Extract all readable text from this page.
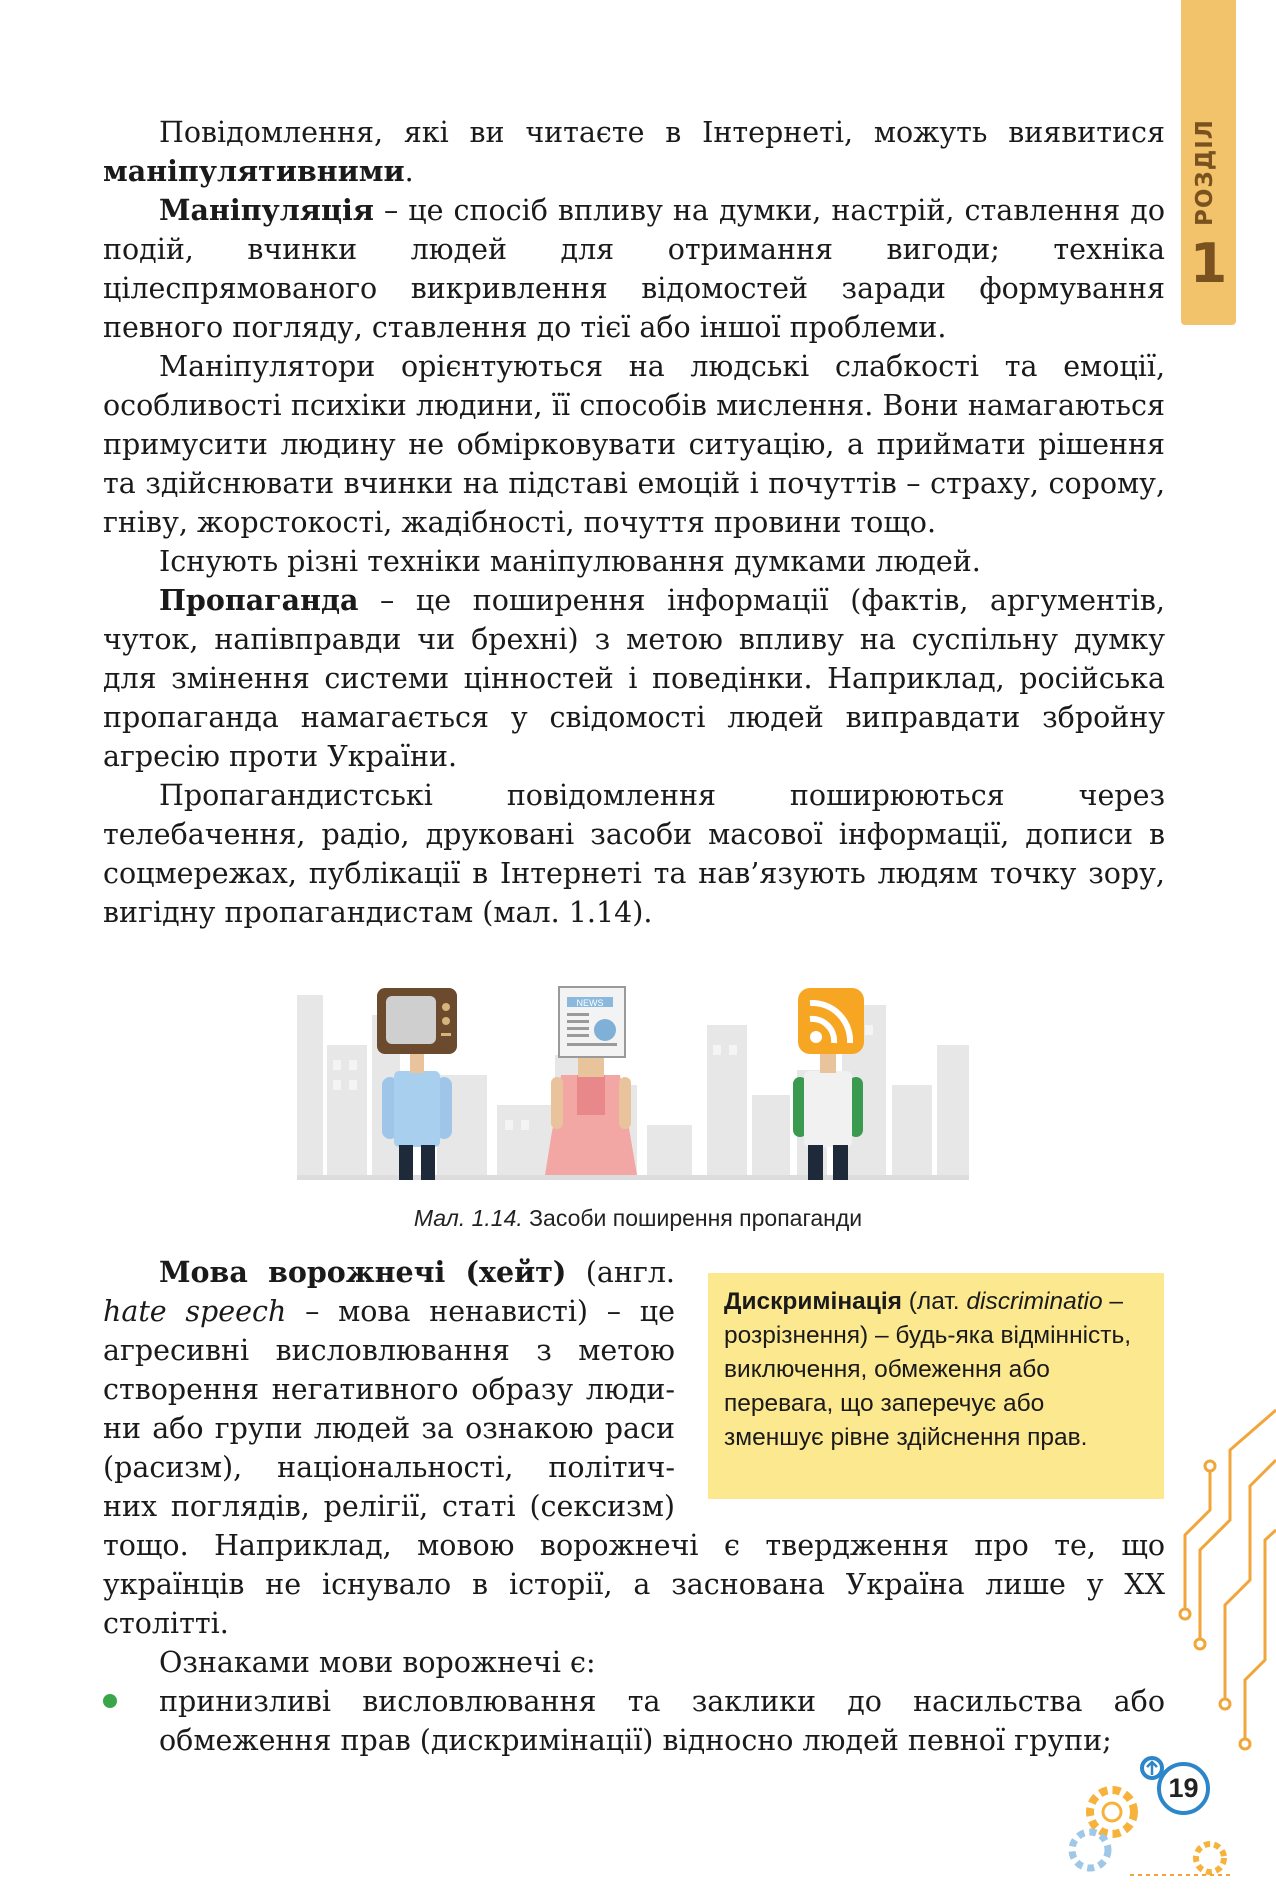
РОЗДІЛ
1

Повідомлення, які ви читаєте в Інтернеті, можуть виявитися маніпулятивними.

Маніпуляція – це спосіб впливу на думки, настрій, ставлення до подій, вчинки людей для отримання вигоди; техніка цілеспрямованого викривлення відомостей заради формування певного погляду, ставлення до тієї або іншої проблеми.

Маніпулятори орієнтуються на людські слабкості та емоції, особливості психіки людини, її способів мислення. Вони намагаються примусити людину не обмірковувати ситуацію, а приймати рішення та здійснювати вчинки на підставі емоцій і почуттів – страху, сорому, гніву, жорстокості, жадібності, почуття провини тощо.

Існують різні техніки маніпулювання думками людей.

Пропаганда – це поширення інформації (фактів, аргументів, чуток, напівправди чи брехні) з метою впливу на суспільну думку для змінення системи цінностей і поведінки. Наприклад, російська пропаганда намагається у свідомості людей виправдати збройну агресію проти України.

Пропагандистські повідомлення поширюються через телебачення, радіо, друковані засоби масової інформації, дописи в соцмережах, публікації в Інтернеті та нав’язують людям точку зору, вигідну пропагандистам (мал. 1.14).

NEWS
Мал. 1.14. Засоби поширення пропаганди

Мова ворожнечі (хейт) (англ.

hate speech – мова ненависті) – це

агресивні висловлювання з метою

створення негативного образу люди-

ни або групи людей за ознакою раси

(расизм), національності, політич-

них поглядів, релігії, статі (сексизм)

Дискримінація (лат. discriminatio – розрізнення) – будь-яка відмінність, виключення, обмеження або перевага, що заперечує або зменшує рівне здійснення прав.

тощо. Наприклад, мовою ворожнечі є твердження про те, що українців не існувало в історії, а заснована Україна лише у ХХ столітті.

Ознаками мови ворожнечі є:

принизливі висловлювання та заклики до насильства або обмеження прав (дискримінації) відносно людей певної групи;

19
